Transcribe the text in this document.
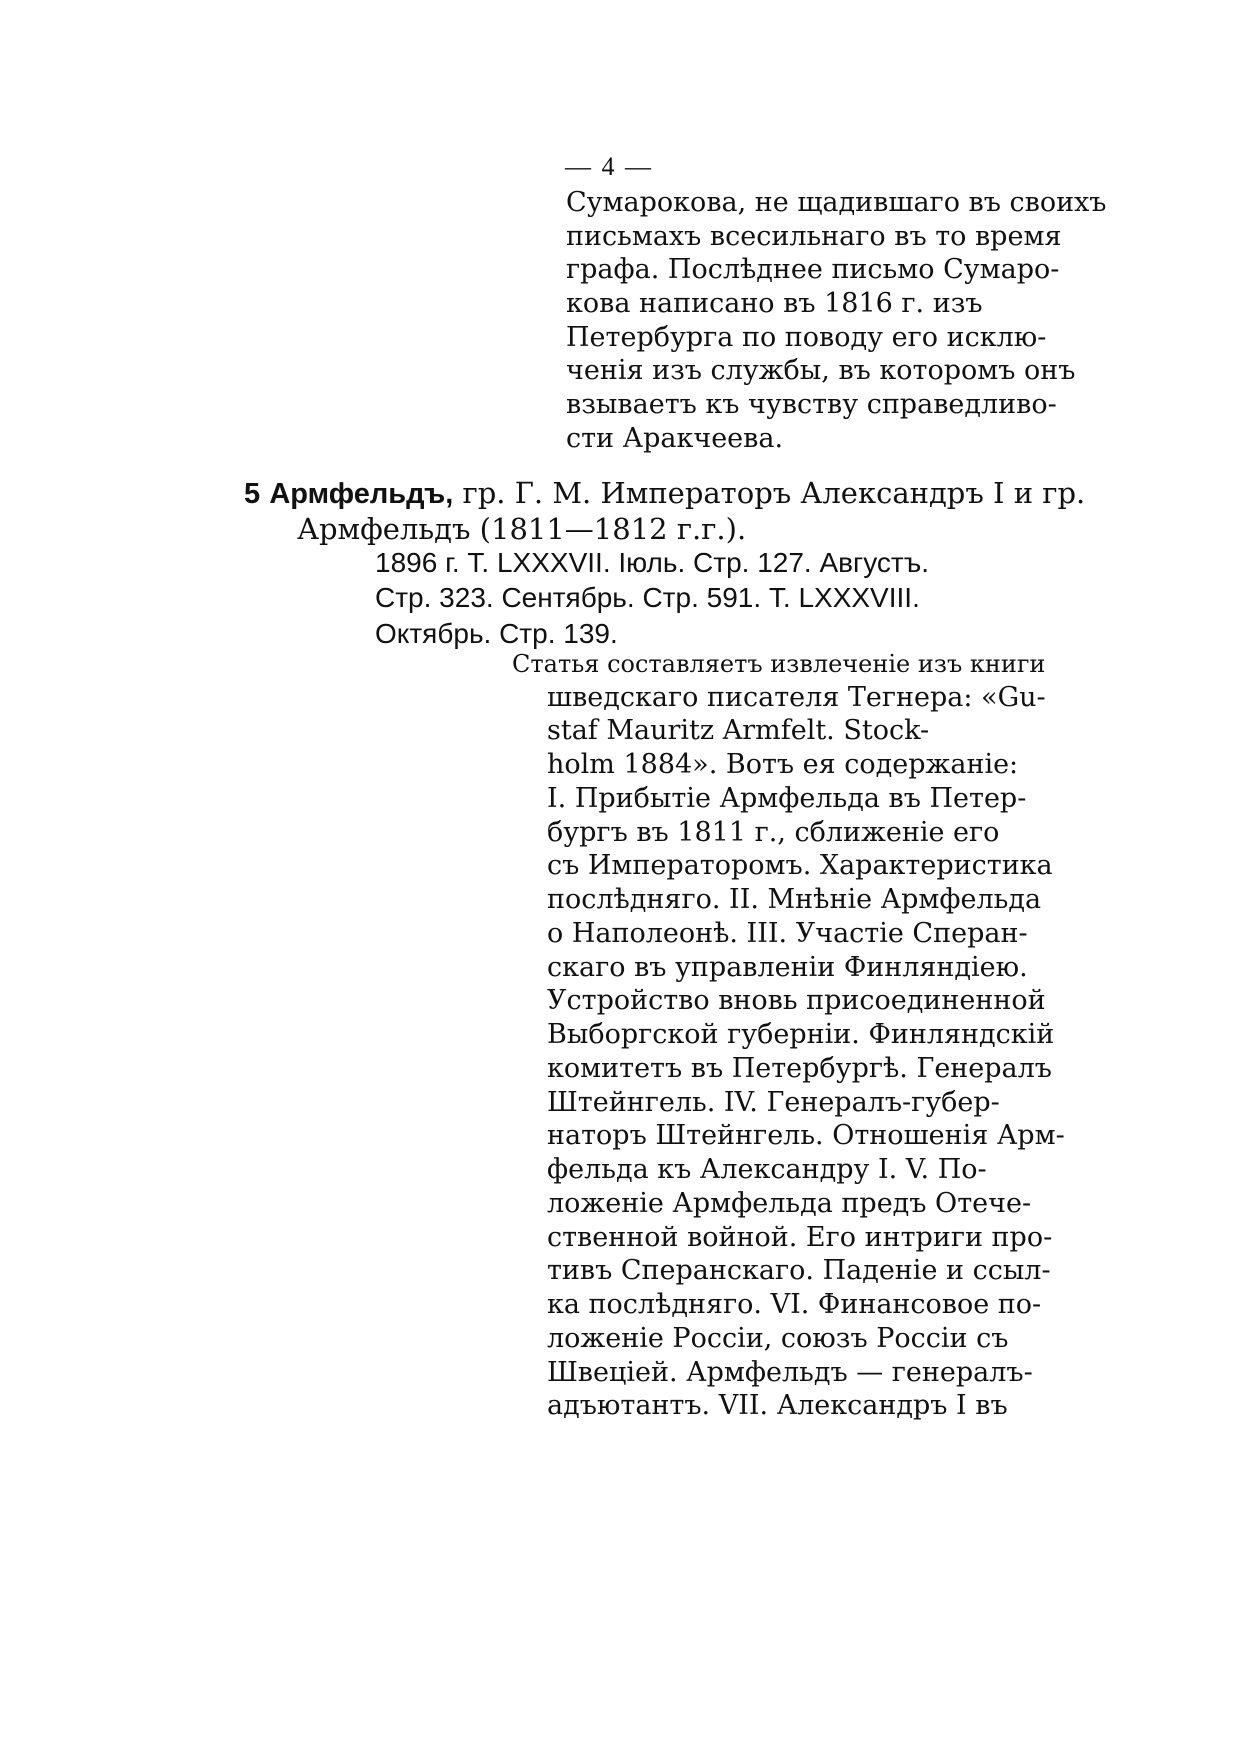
— 4 —
Сумарокова, не щадившаго въ своихъ
письмахъ всесильнаго въ то время
графа. Послѣднее письмо Сумаро-
кова написано въ 1816 г. изъ
Петербурга по поводу его исклю-
ченія изъ службы, въ которомъ онъ
взываетъ къ чувству справедливо-
сти Аракчеева.
5 Армфельдъ, гр. Г. М. Императоръ Александръ I и гр.
Армфельдъ (1811—1812 г.г.).
1896 г. Т. LXXXVII. Іюль. Стр. 127. Августъ.
Стр. 323. Сентябрь. Стр. 591. Т. LXXXVIII.
Октябрь. Стр. 139.
Статья составляетъ извлеченіе изъ книги
шведскаго писателя Тегнера: «Gu-
staf Mauritz Armfelt. Stock-
holm 1884». Вотъ ея содержаніе:
I. Прибытіе Армфельда въ Петер-
бургъ въ 1811 г., сближеніе его
съ Императоромъ. Характеристика
послѣдняго. II. Мнѣніе Армфельда
о Наполеонѣ. III. Участіе Сперан-
скаго въ управленіи Финляндіею.
Устройство вновь присоединенной
Выборгской губерніи. Финляндскій
комитетъ въ Петербургѣ. Генералъ
Штейнгель. IV. Генералъ-губер-
наторъ Штейнгель. Отношенія Арм-
фельда къ Александру I. V. По-
ложеніе Армфельда предъ Отече-
ственной войной. Его интриги про-
тивъ Сперанскаго. Паденіе и ссыл-
ка послѣдняго. VI. Финансовое по-
ложеніе Россіи, союзъ Россіи съ
Швеціей. Армфельдъ — генералъ-
адъютантъ. VII. Александръ I въ
